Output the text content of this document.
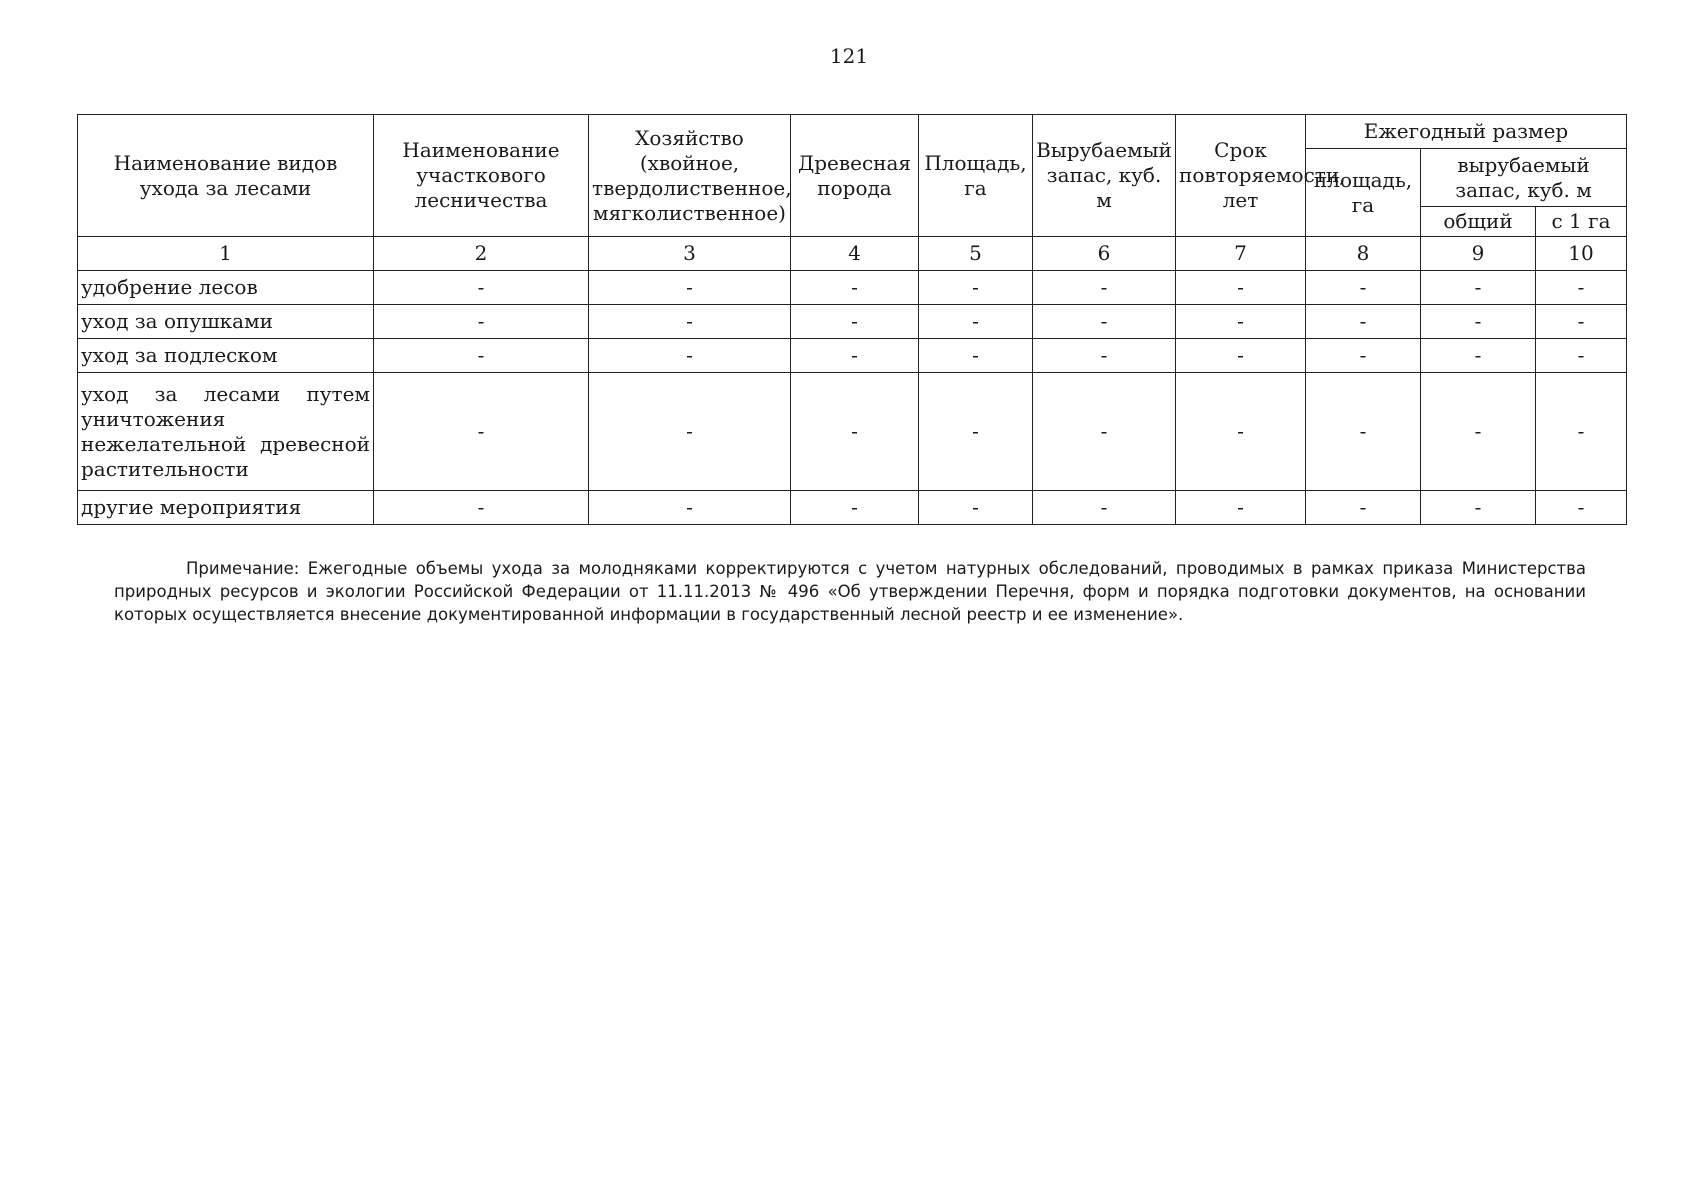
121
Наименование видов ухода за лесами	Наименование участкового лесничества	Хозяйство (хвойное, твердолиственное, мягколиственное)	Древесная порода	Площадь, га	Вырубаемый запас, куб. м	Срок повторяемости, лет	Ежегодный размер		
							площадь, га	вырубаемый запас, куб. м	
								общий	с 1 га
1	2	3	4	5	6	7	8	9	10
удобрение лесов	-	-	-	-	-	-	-	-	-
уход за опушками	-	-	-	-	-	-	-	-	-
уход за подлеском	-	-	-	-	-	-	-	-	-
уход за лесами путем уничтожения нежелательной древесной растительности	-	-	-	-	-	-	-	-	-
другие мероприятия	-	-	-	-	-	-	-	-	-

Примечание: Ежегодные объемы ухода за молодняками корректируются с учетом натурных обследований, проводимых в рамках приказа Министерства природных ресурсов и экологии Российской Федерации от 11.11.2013 № 496 «Об утверждении Перечня, форм и порядка подготовки документов, на основании которых осуществляется внесение документированной информации в государственный лесной реестр и ее изменение».
